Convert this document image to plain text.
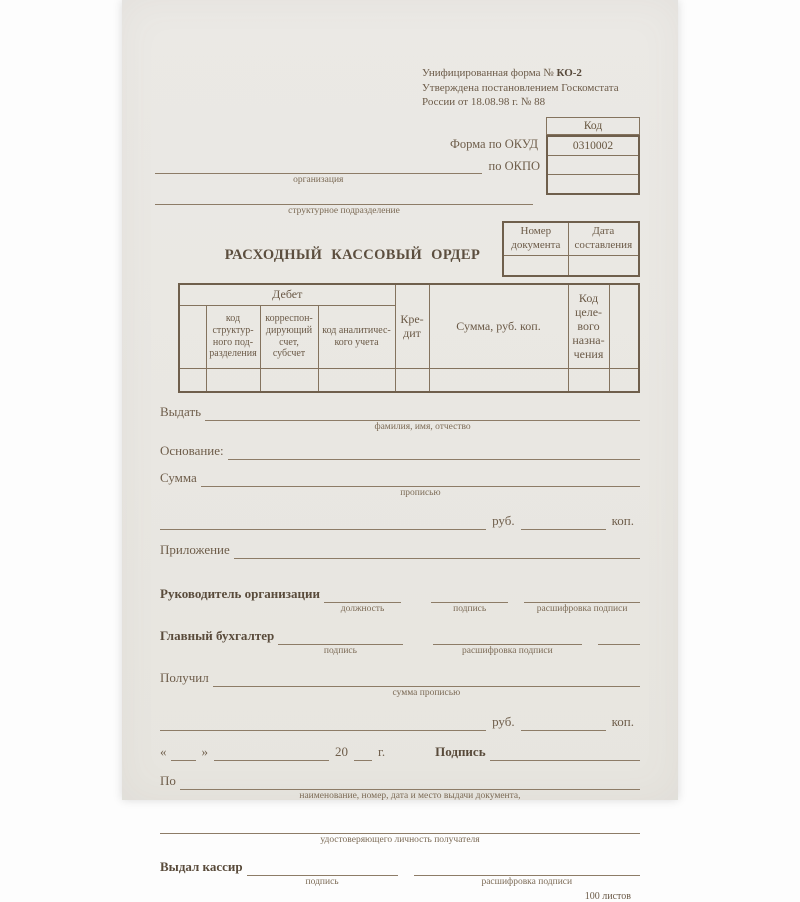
Унифицированная форма № КО-2
Утверждена постановлением Госкомстата
России от 18.08.98 г. № 88
Форма по ОКУД
организация
по ОКПО
Код
0310002
структурное подразделение
РАСХОДНЫЙ КАССОВЫЙ ОРДЕР
Номер документа	Дата составления

Дебет				Кре-дит	Сумма, руб. коп.	Код целе-вого назна-чения	
	код структур-ного под-разделения	корреспон-дирующий счет, субсчет	код аналитичес-кого учета				

Выдать
фамилия, имя, отчество
Основание:
Сумма
прописью
руб.	коп.
Приложение
Руководитель организации
должность	подпись	расшифровка подписи
Главный бухгалтер
подпись	расшифровка подписи
Получил
сумма прописью
руб.	коп.
«	»	20	г.	Подпись
По
наименование, номер, дата и место выдачи документа,
удостоверяющего личность получателя
Выдал кассир
подпись	расшифровка подписи
100 листов
